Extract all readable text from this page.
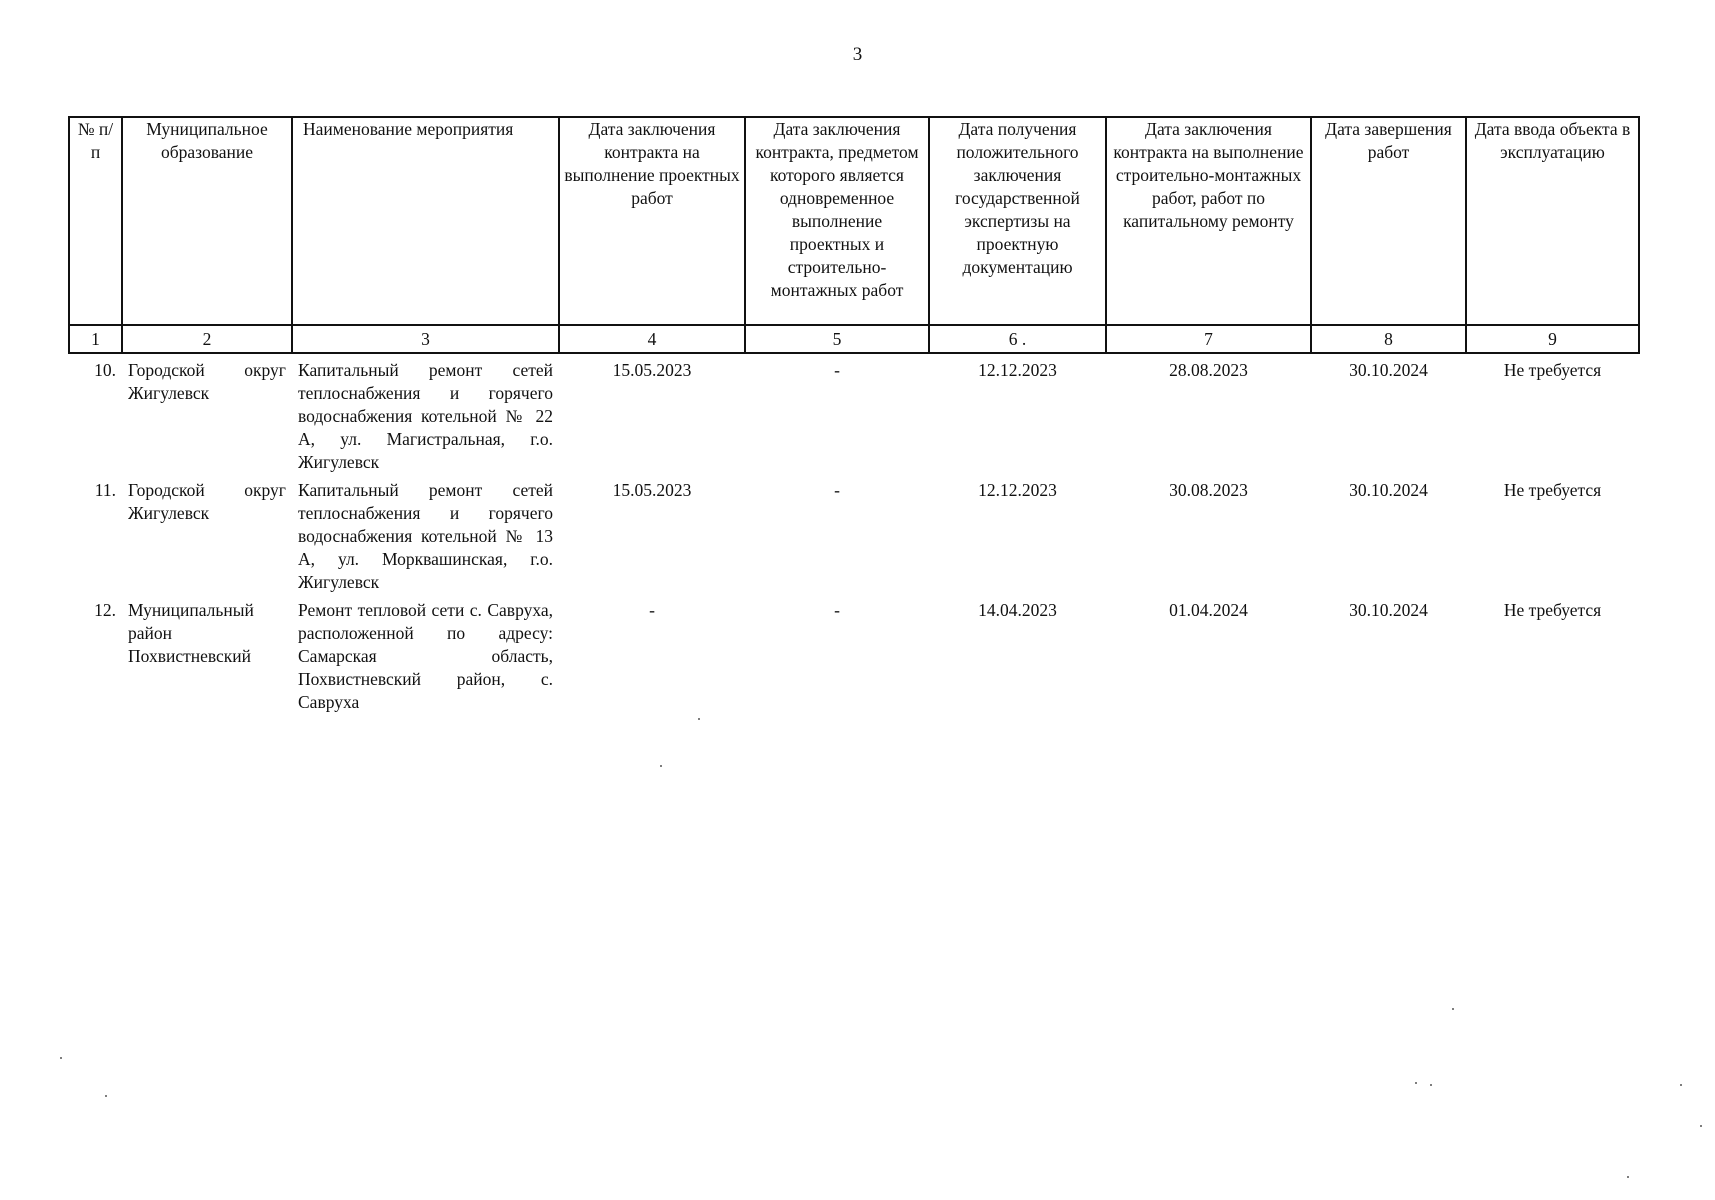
3
№ п/п	Муниципальное образование	Наименование мероприятия	Дата заключения контракта на выполнение проектных работ	Дата заключения контракта, предметом которого является одновременное выполнение проектных и строительно-монтажных работ	Дата получения положительного заключения государственной экспертизы на проектную документацию	Дата заключения контракта на выполнение строительно-монтажных работ, работ по капитальному ремонту	Дата завершения работ	Дата ввода объекта в эксплуатацию
1	2	3	4	5	6 .	7	8	9
10.	Городской округ Жигулевск	Капитальный ремонт сетей теплоснабжения и горячего водоснабжения котельной № 22 А, ул. Магистральная, г.о. Жигулевск	15.05.2023	-	12.12.2023	28.08.2023	30.10.2024	Не требуется
11.	Городской округ Жигулевск	Капитальный ремонт сетей теплоснабжения и горячего водоснабжения котельной № 13 А, ул. Морквашинская, г.о. Жигулевск	15.05.2023	-	12.12.2023	30.08.2023	30.10.2024	Не требуется
12.	Муниципальный район Похвистневский	Ремонт тепловой сети с. Савруха, расположенной по адресу: Самарская область, Похвистневский район, с. Савруха	-	-	14.04.2023	01.04.2024	30.10.2024	Не требуется
